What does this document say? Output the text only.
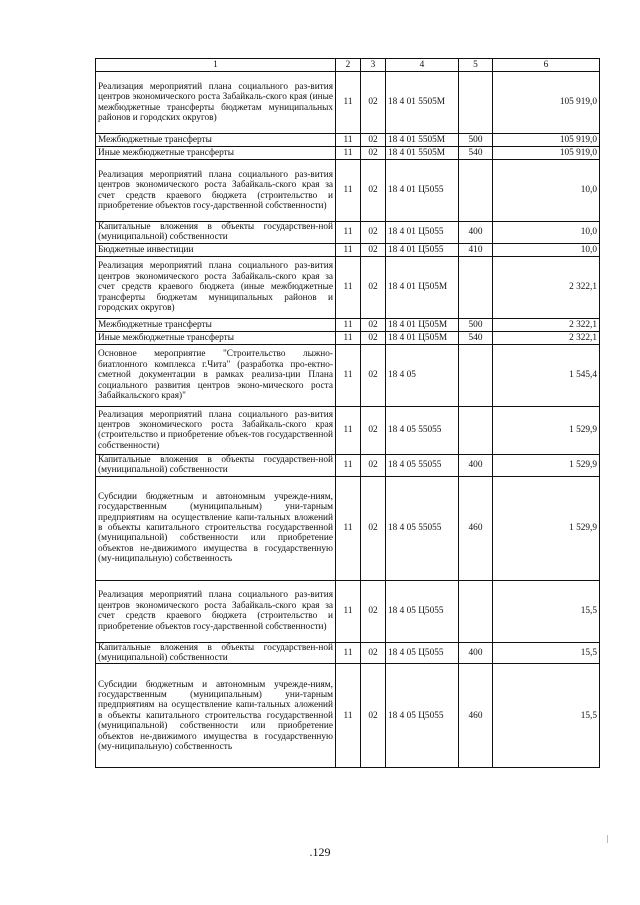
1	2	3	4	5	6
Реализация мероприятий плана социального раз-вития центров экономического роста Забайкаль-ского края (иные межбюджетные трансферты бюджетам муниципальных районов и городских округов)	11	02	18 4 01 5505М		105 919,0
Межбюджетные трансферты	11	02	18 4 01 5505М	500	105 919,0
Иные межбюджетные трансферты	11	02	18 4 01 5505М	540	105 919,0
Реализация мероприятий плана социального раз-вития центров экономического роста Забайкаль-ского края за счет средств краевого бюджета (строительство и приобретение объектов госу-дарственной собственности)	11	02	18 4 01 Ц5055		10,0
Капитальные вложения в объекты государствен-ной (муниципальной) собственности	11	02	18 4 01 Ц5055	400	10,0
Бюджетные инвестиции	11	02	18 4 01 Ц5055	410	10,0
Реализация мероприятий плана социального раз-вития центров экономического роста Забайкаль-ского края за счет средств краевого бюджета (иные межбюджетные трансферты бюджетам муниципальных районов и городских округов)	11	02	18 4 01 Ц505М		2 322,1
Межбюджетные трансферты	11	02	18 4 01 Ц505М	500	2 322,1
Иные межбюджетные трансферты	11	02	18 4 01 Ц505М	540	2 322,1
Основное мероприятие "Строительство лыжно-биатлонного комплекса г.Чита" (разработка про-ектно-сметной документации в рамках реализа-ции Плана социального развития центров эконо-мического роста Забайкальского края)"	11	02	18 4 05		1 545,4
Реализация мероприятий плана социального раз-вития центров экономического роста Забайкаль-ского края (строительство и приобретение объек-тов государственной собственности)	11	02	18 4 05 55055		1 529,9
Капитальные вложения в объекты государствен-ной (муниципальной) собственности	11	02	18 4 05 55055	400	1 529,9
Субсидии бюджетным и автономным учрежде-ниям, государственным (муниципальным) уни-тарным предприятиям на осуществление капи-тальных вложений в объекты капитального строительства государственной (муниципальной) собственности или приобретение объектов не-движимого имущества в государственную (му-ниципальную) собственность	11	02	18 4 05 55055	460	1 529,9
Реализация мероприятий плана социального раз-вития центров экономического роста Забайкаль-ского края за счет средств краевого бюджета (строительство и приобретение объектов госу-дарственной собственности)	11	02	18 4 05 Ц5055		15,5
Капитальные вложения в объекты государствен-ной (муниципальной) собственности	11	02	18 4 05 Ц5055	400	15,5
Субсидии бюджетным и автономным учрежде-ниям, государственным (муниципальным) уни-тарным предприятиям на осуществление капи-тальных аложений в объекты капитального строительства государственной (муниципальной) собственности или приобретение объектов не-движимого имущества в государственную (му-ниципальную) собственность	11	02	18 4 05 Ц5055	460	15,5
.129
